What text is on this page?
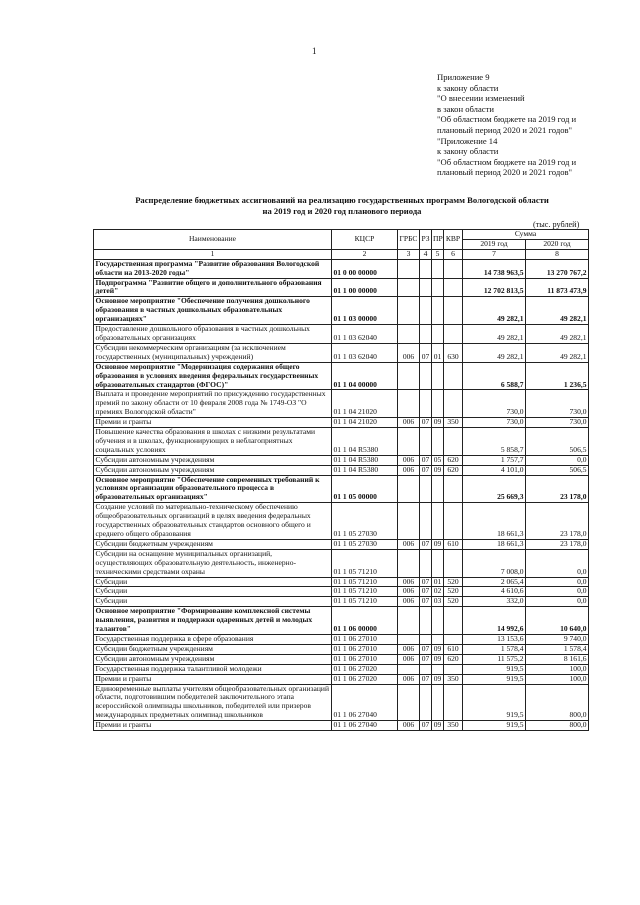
1
Приложение 9
к закону области
"О внесении изменений
в закон области
"Об областном бюджете на 2019 год и
плановый период 2020 и 2021 годов"
"Приложение 14
к закону области
"Об областном бюджете на 2019 год и
плановый период 2020 и 2021 годов"
Распределение бюджетных ассигнований на реализацию государственных программ Вологодской области
на 2019 год и 2020 год планового периода
(тыс. рублей)
Наименование	КЦСР	ГРБС	РЗ	ПР	КВР	Сумма	
						2019 год	2020 год
1	2	3	4	5	6	7	8
Государственная программа "Развитие образования Вологодской области на 2013-2020 годы"	01 0 00 00000					14 738 963,5	13 270 767,2
Подпрограмма "Развитие общего и дополнительного образования детей"	01 1 00 00000					12 702 813,5	11 873 473,9
Основное мероприятие "Обеспечение получения дошкольного образования в частных дошкольных образовательных организациях"	01 1 03 00000					49 282,1	49 282,1
Предоставление дошкольного образования в частных дошкольных образовательных организациях	01 1 03 62040					49 282,1	49 282,1
Субсидии некоммерческим организациям (за исключением государственных (муниципальных) учреждений)	01 1 03 62040	006	07	01	630	49 282,1	49 282,1
Основное мероприятие "Модернизация содержания общего образования в условиях введения федеральных государственных образовательных стандартов (ФГОС)"	01 1 04 00000					6 588,7	1 236,5
Выплата и проведение мероприятий по присуждению государственных премий по закону области от 10 февраля 2008 года № 1749-ОЗ "О премиях Вологодской области"	01 1 04 21020					730,0	730,0
Премии и гранты	01 1 04 21020	006	07	09	350	730,0	730,0
Повышение качества образования в школах с низкими результатами обучения и в школах, функционирующих в неблагоприятных социальных условиях	01 1 04 R5380					5 858,7	506,5
Субсидии автономным учреждениям	01 1 04 R5380	006	07	05	620	1 757,7	0,0
Субсидии автономным учреждениям	01 1 04 R5380	006	07	09	620	4 101,0	506,5
Основное мероприятие "Обеспечение современных требований к условиям организации образовательного процесса в образовательных организациях"	01 1 05 00000					25 669,3	23 178,0
Создание условий по материально-техническому обеспечению общеобразовательных организаций в целях введения федеральных государственных образовательных стандартов основного общего и среднего общего образования	01 1 05 27030					18 661,3	23 178,0
Субсидии бюджетным учреждениям	01 1 05 27030	006	07	09	610	18 661,3	23 178,0
Субсидии на оснащение муниципальных организаций, осуществляющих образовательную деятельность, инженерно-техническими средствами охраны	01 1 05 71210					7 008,0	0,0
Субсидии	01 1 05 71210	006	07	01	520	2 065,4	0,0
Субсидии	01 1 05 71210	006	07	02	520	4 610,6	0,0
Субсидии	01 1 05 71210	006	07	03	520	332,0	0,0
Основное мероприятие "Формирование комплексной системы выявления, развития и поддержки одаренных детей и молодых талантов"	01 1 06 00000					14 992,6	10 640,0
Государственная поддержка в сфере образования	01 1 06 27010					13 153,6	9 740,0
Субсидии бюджетным учреждениям	01 1 06 27010	006	07	09	610	1 578,4	1 578,4
Субсидии автономным учреждениям	01 1 06 27010	006	07	09	620	11 575,2	8 161,6
Государственная поддержка талантливой молодежи	01 1 06 27020					919,5	100,0
Премии и гранты	01 1 06 27020	006	07	09	350	919,5	100,0
Единовременные выплаты учителям общеобразовательных организаций области, подготовившим победителей заключительного этапа всероссийской олимпиады школьников, победителей или призеров международных предметных олимпиад школьников	01 1 06 27040					919,5	800,0
Премии и гранты	01 1 06 27040	006	07	09	350	919,5	800,0
